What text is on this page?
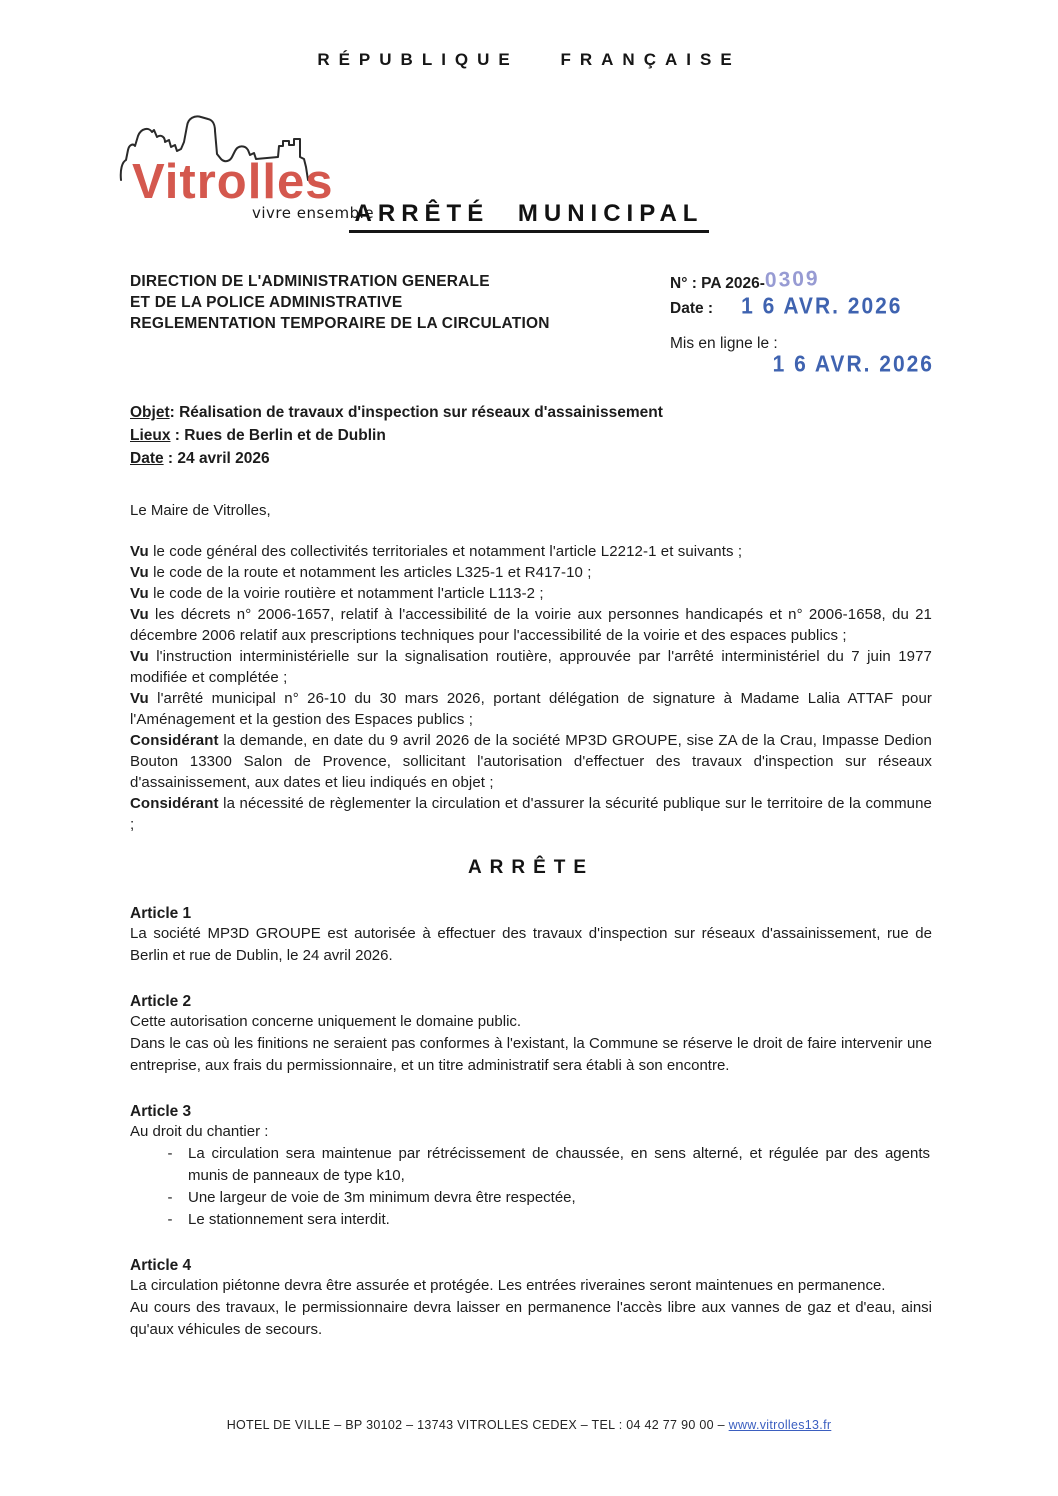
RÉPUBLIQUE FRANÇAISE
Vitrolles
vivre ensemble
ARRÊTÉ MUNICIPAL
DIRECTION DE L'ADMINISTRATION GENERALE
ET DE LA POLICE ADMINISTRATIVE
REGLEMENTATION TEMPORAIRE DE LA CIRCULATION
N° : PA 2026-0309
Date : 1 6 AVR. 2026
Mis en ligne le :
1 6 AVR. 2026
Objet: Réalisation de travaux d'inspection sur réseaux d'assainissement
Lieux : Rues de Berlin et de Dublin
Date : 24 avril 2026
Le Maire de Vitrolles,

Vu le code général des collectivités territoriales et notamment l'article L2212-1 et suivants ;

Vu le code de la route et notamment les articles L325-1 et R417-10 ;

Vu le code de la voirie routière et notamment l'article L113-2 ;

Vu les décrets n° 2006-1657, relatif à l'accessibilité de la voirie aux personnes handicapés et n° 2006-1658, du 21 décembre 2006 relatif aux prescriptions techniques pour l'accessibilité de la voirie et des espaces publics ;

Vu l'instruction interministérielle sur la signalisation routière, approuvée par l'arrêté interministériel du 7 juin 1977 modifiée et complétée ;

Vu l'arrêté municipal n° 26-10 du 30 mars 2026, portant délégation de signature à Madame Lalia ATTAF pour l'Aménagement et la gestion des Espaces publics ;

Considérant la demande, en date du 9 avril 2026 de la société MP3D GROUPE, sise ZA de la Crau, Impasse Dedion Bouton 13300 Salon de Provence, sollicitant l'autorisation d'effectuer des travaux d'inspection sur réseaux d'assainissement, aux dates et lieu indiqués en objet ;

Considérant la nécessité de règlementer la circulation et d'assurer la sécurité publique sur le territoire de la commune ;

ARRÊTE
Article 1

La société MP3D GROUPE est autorisée à effectuer des travaux d'inspection sur réseaux d'assainissement, rue de Berlin et rue de Dublin, le 24 avril 2026.

Article 2

Cette autorisation concerne uniquement le domaine public.

Dans le cas où les finitions ne seraient pas conformes à l'existant, la Commune se réserve le droit de faire intervenir une entreprise, aux frais du permissionnaire, et un titre administratif sera établi à son encontre.

Article 3

Au droit du chantier :

-	La circulation sera maintenue par rétrécissement de chaussée, en sens alterné, et régulée par des agents munis de panneaux de type k10,
-	Une largeur de voie de 3m minimum devra être respectée,
-	Le stationnement sera interdit.
Article 4

La circulation piétonne devra être assurée et protégée. Les entrées riveraines seront maintenues en permanence.

Au cours des travaux, le permissionnaire devra laisser en permanence l'accès libre aux vannes de gaz et d'eau, ainsi qu'aux véhicules de secours.

HOTEL DE VILLE – BP 30102 – 13743 VITROLLES CEDEX – TEL : 04 42 77 90 00 – www.vitrolles13.fr
